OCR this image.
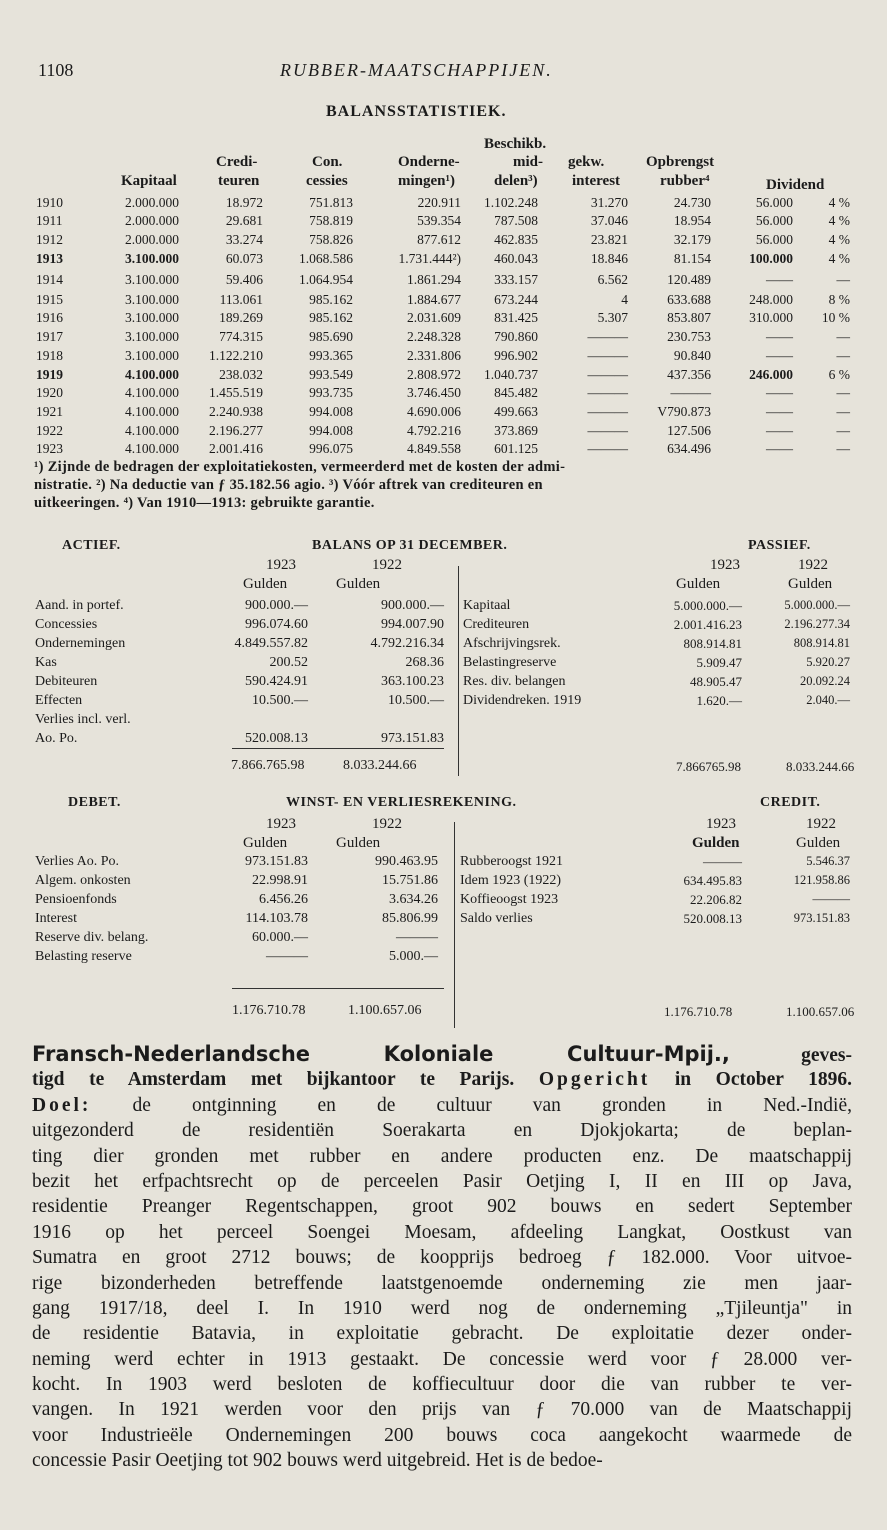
1108	RUBBER-MAATSCHAPPIJEN.
BALANSSTATISTIEK.
Beschikb.
Credi-	Con.	Onderne-	mid- gekw.	Opbrengst
Kapitaal	teuren	cessies	mingen¹)	delen³) interest	rubber⁴	Dividend
1910	2.000.000	18.972	751.813	220.911 1.102.248	31.270	24.730	56.000	4 %
1911	2.000.000	29.681	758.819	539.354 787.508	37.046	18.954	56.000	4 %
1912	2.000.000	33.274	758.826	877.612 462.835	23.821	32.179	56.000	4 %
1913	3.100.000	60.073	1.068.586	1.731.444²) 460.043	18.846	81.154	100.000	4 %
1914	3.100.000	59.406	1.064.954	1.861.294 333.157	6.562	120.489	——	—
1915	3.100.000	113.061	985.162	1.884.677 673.244	4	633.688	248.000	8 %
1916	3.100.000	189.269	985.162	2.031.609 831.425	5.307	853.807	310.000 10 %
1917	3.100.000	774.315	985.690	2.248.328 790.860	———	230.753	——	—
1918	3.100.000 1.122.210	993.365	2.331.806 996.902	———	90.840	——	—
1919	4.100.000	238.032	993.549	2.808.972 1.040.737	———	437.356	246.000	6 %
1920	4.100.000 1.455.519	993.735	3.746.450 845.482	———	———	——	—
1921	4.100.000 2.240.938	994.008	4.690.006 499.663	——— V790.873	——	—
1922	4.100.000 2.196.277	994.008	4.792.216 373.869	———	127.506	——	—
1923	4.100.000 2.001.416	996.075	4.849.558 601.125	———	634.496	——	—
¹) Zijnde de bedragen der exploitatiekosten, vermeerderd met de kosten der admi-
nistratie. ²) Na deductie van ƒ 35.182.56 agio. ³) Vóór aftrek van crediteuren en
uitkeeringen. ⁴) Van 1910—1913: gebruikte garantie.
ACTIEF.	BALANS OP 31 DECEMBER.	PASSIEF.
1923	1922	1923	1922
Gulden	Gulden	Gulden	Gulden
Aand. in portef.	900.000.—	900.000.—
Concessies	996.074.60	994.007.90
Ondernemingen	4.849.557.82	4.792.216.34
Kas	200.52	268.36
Debiteuren	590.424.91	363.100.23
Effecten	10.500.—	10.500.—
Verlies incl. verl.
Ao. Po.	520.008.13	973.151.83
Kapitaal	5.000.000.—	5.000.000.—
Crediteuren	2.001.416.23	2.196.277.34
Afschrijvingsrek.	808.914.81	808.914.81
Belastingreserve	5.909.47	5.920.27
Res. div. belangen	48.905.47	20.092.24
Dividendreken. 1919	1.620.—	2.040.—
7.866.765.98	8.033.244.66	7.866765.98	8.033.244.66
DEBET.	WINST- EN VERLIESREKENING.	CREDIT.
1923	1922	1923	1922
Gulden	Gulden	Gulden	Gulden
Verlies Ao. Po.	973.151.83	990.463.95
Algem. onkosten	22.998.91	15.751.86
Pensioenfonds	6.456.26	3.634.26
Interest	114.103.78	85.806.99
Reserve div. belang.	60.000.—	———
Belasting reserve	———	5.000.—
Rubberoogst 1921	———	5.546.37
Idem 1923 (1922)	634.495.83	121.958.86
Koffieoogst 1923	22.206.82	———
Saldo verlies	520.008.13	973.151.83
1.176.710.78	1.100.657.06	1.176.710.78	1.100.657.06
Fransch-Nederlandsche Koloniale Cultuur-Mpij., geves-
tigd te Amsterdam met bijkantoor te Parijs. Opgericht in October 1896.
Doel: de ontginning en de cultuur van gronden in Ned.-Indië,
uitgezonderd de residentiën Soerakarta en Djokjokarta; de beplan-
ting dier gronden met rubber en andere producten enz. De maatschappij
bezit het erfpachtsrecht op de perceelen Pasir Oetjing I, II en III op Java,
residentie Preanger Regentschappen, groot 902 bouws en sedert September
1916 op het perceel Soengei Moesam, afdeeling Langkat, Oostkust van
Sumatra en groot 2712 bouws; de koopprijs bedroeg ƒ 182.000. Voor uitvoe-
rige bizonderheden betreffende laatstgenoemde onderneming zie men jaar-
gang 1917/18, deel I. In 1910 werd nog de onderneming „Tjileuntja" in
de residentie Batavia, in exploitatie gebracht. De exploitatie dezer onder-
neming werd echter in 1913 gestaakt. De concessie werd voor ƒ 28.000 ver-
kocht. In 1903 werd besloten de koffiecultuur door die van rubber te ver-
vangen. In 1921 werden voor den prijs van ƒ 70.000 van de Maatschappij
voor Industrieële Ondernemingen 200 bouws coca aangekocht waarmede de
concessie Pasir Oeetjing tot 902 bouws werd uitgebreid. Het is de bedoe-
